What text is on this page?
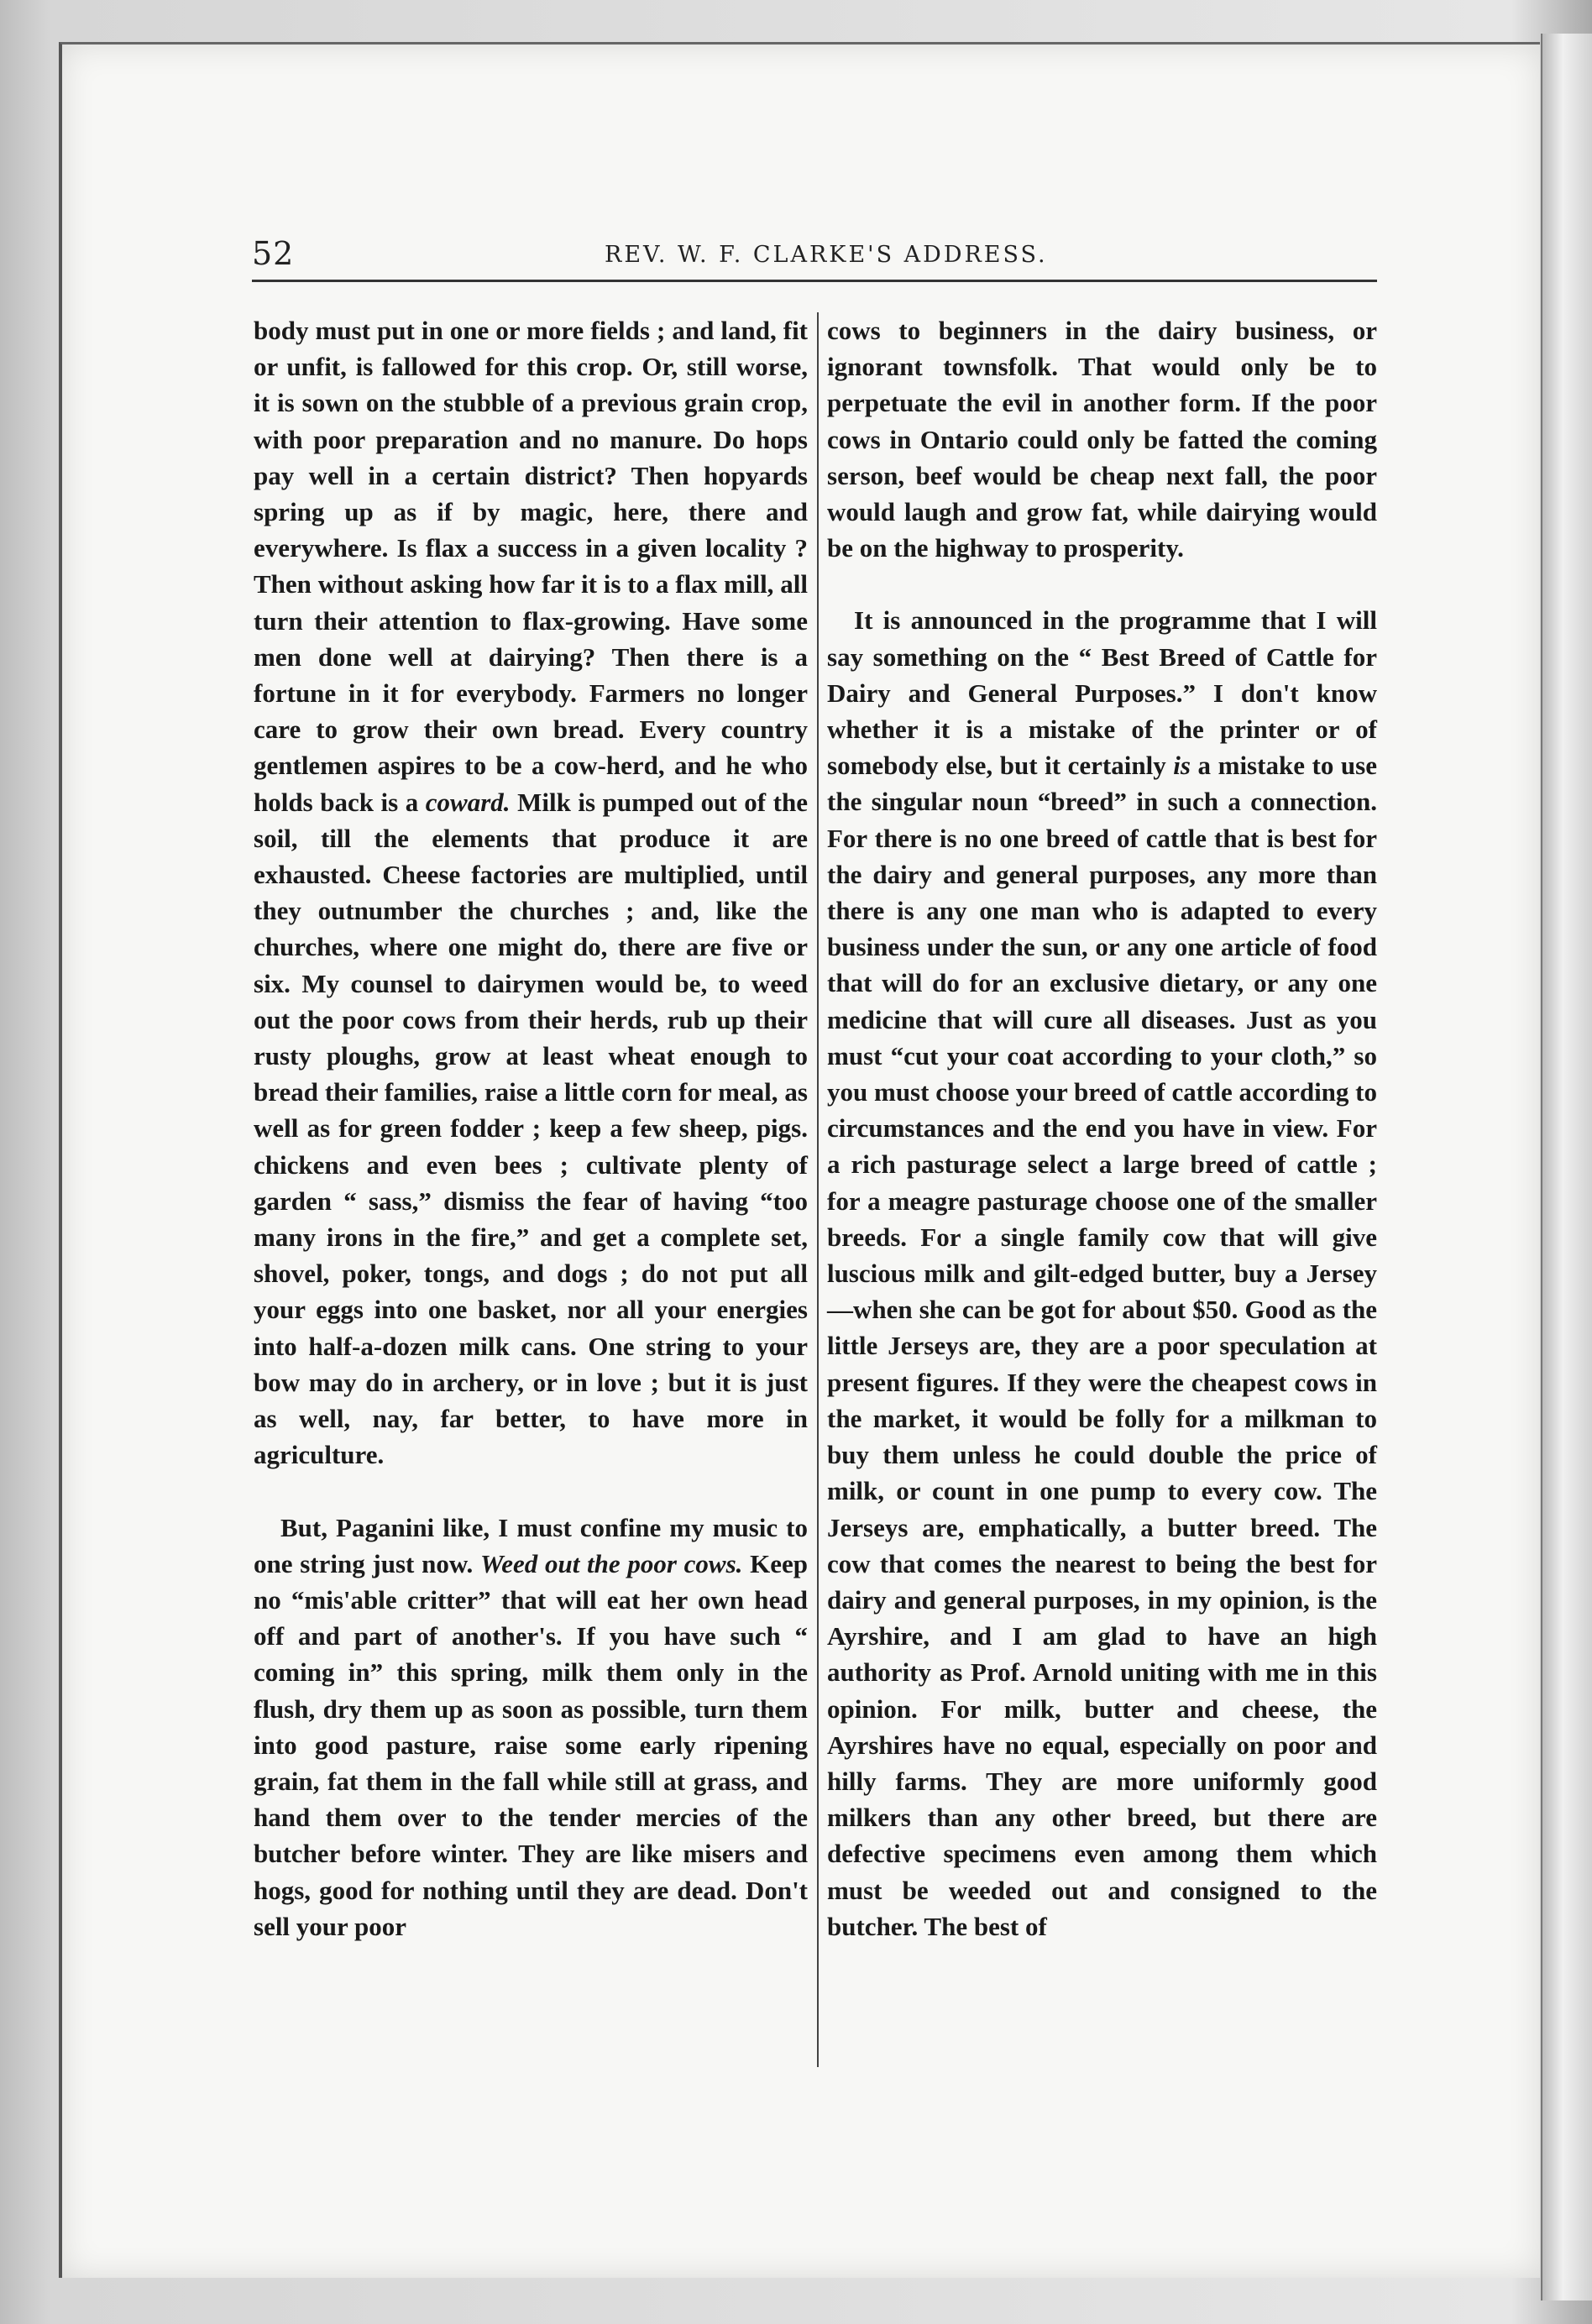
52	REV. W. F. CLARKE'S ADDRESS.

body must put in one or more fields ; and land, fit or unfit, is fallowed for this crop. Or, still worse, it is sown on the stubble of a previous grain crop, with poor preparation and no manure. Do hops pay well in a certain district? Then hopyards spring up as if by magic, here, there and everywhere. Is flax a success in a given locality ? Then without asking how far it is to a flax mill, all turn their attention to flax-growing. Have some men done well at dairying? Then there is a fortune in it for everybody. Farmers no longer care to grow their own bread. Every country gentlemen aspires to be a cow-herd, and he who holds back is a coward. Milk is pumped out of the soil, till the elements that produce it are exhausted. Cheese factories are multiplied, until they outnumber the churches ; and, like the churches, where one might do, there are five or six. My counsel to dairymen would be, to weed out the poor cows from their herds, rub up their rusty ploughs, grow at least wheat enough to bread their families, raise a little corn for meal, as well as for green fodder ; keep a few sheep, pigs. chickens and even bees ; cultivate plenty of garden “ sass,” dismiss the fear of having “too many irons in the fire,” and get a complete set, shovel, poker, tongs, and dogs ; do not put all your eggs into one basket, nor all your energies into half-a-dozen milk cans. One string to your bow may do in archery, or in love ; but it is just as well, nay, far better, to have more in agriculture.

But, Paganini like, I must confine my music to one string just now. Weed out the poor cows. Keep no “mis'able critter” that will eat her own head off and part of another's. If you have such “ coming in” this spring, milk them only in the flush, dry them up as soon as possible, turn them into good pasture, raise some early ripening grain, fat them in the fall while still at grass, and hand them over to the tender mercies of the butcher before winter. They are like misers and hogs, good for nothing until they are dead. Don't sell your poor

cows to beginners in the dairy business, or ignorant townsfolk. That would only be to perpetuate the evil in another form. If the poor cows in Ontario could only be fatted the coming serson, beef would be cheap next fall, the poor would laugh and grow fat, while dairying would be on the highway to prosperity.

It is announced in the programme that I will say something on the “ Best Breed of Cattle for Dairy and General Purposes.” I don't know whether it is a mistake of the printer or of somebody else, but it certainly is a mistake to use the singular noun “breed” in such a connection. For there is no one breed of cattle that is best for the dairy and general purposes, any more than there is any one man who is adapted to every business under the sun, or any one article of food that will do for an exclusive dietary, or any one medicine that will cure all diseases. Just as you must “cut your coat according to your cloth,” so you must choose your breed of cattle according to circumstances and the end you have in view. For a rich pasturage select a large breed of cattle ; for a meagre pasturage choose one of the smaller breeds. For a single family cow that will give luscious milk and gilt-edged butter, buy a Jersey—when she can be got for about $50. Good as the little Jerseys are, they are a poor speculation at present figures. If they were the cheapest cows in the market, it would be folly for a milkman to buy them unless he could double the price of milk, or count in one pump to every cow. The Jerseys are, emphatically, a butter breed. The cow that comes the nearest to being the best for dairy and general purposes, in my opinion, is the Ayrshire, and I am glad to have an high authority as Prof. Arnold uniting with me in this opinion. For milk, butter and cheese, the Ayrshires have no equal, especially on poor and hilly farms. They are more uniformly good milkers than any other breed, but there are defective specimens even among them which must be weeded out and consigned to the butcher. The best of
